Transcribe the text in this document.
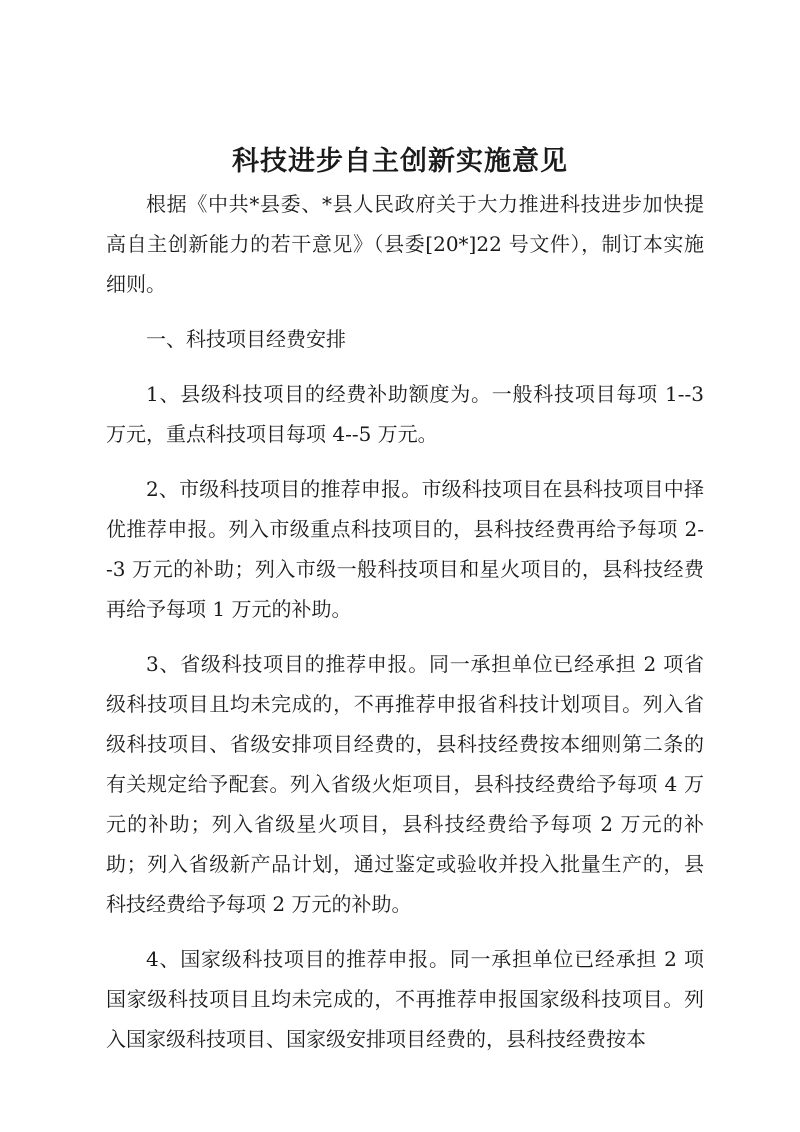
科技进步自主创新实施意见

根据《中共*县委、*县人民政府关于大力推进科技进步加快提高自主创新能力的若干意见》（县委[20*]22 号文件），制订本实施细则。

一、科技项目经费安排

1、县级科技项目的经费补助额度为。一般科技项目每项 1--3 万元，重点科技项目每项 4--5 万元。

2、市级科技项目的推荐申报。市级科技项目在县科技项目中择优推荐申报。列入市级重点科技项目的，县科技经费再给予每项 2--3 万元的补助；列入市级一般科技项目和星火项目的，县科技经费再给予每项 1 万元的补助。

3、省级科技项目的推荐申报。同一承担单位已经承担 2 项省级科技项目且均未完成的，不再推荐申报省科技计划项目。列入省级科技项目、省级安排项目经费的，县科技经费按本细则第二条的有关规定给予配套。列入省级火炬项目，县科技经费给予每项 4 万元的补助；列入省级星火项目，县科技经费给予每项 2 万元的补助；列入省级新产品计划，通过鉴定或验收并投入批量生产的，县科技经费给予每项 2 万元的补助。

4、国家级科技项目的推荐申报。同一承担单位已经承担 2 项国家级科技项目且均未完成的，不再推荐申报国家级科技项目。列入国家级科技项目、国家级安排项目经费的，县科技经费按本
